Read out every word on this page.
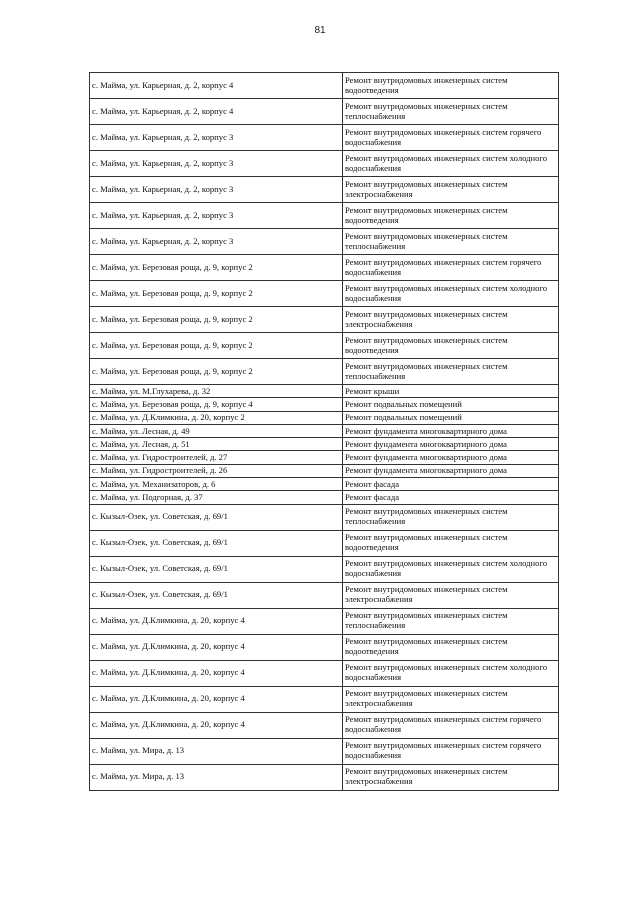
81
с. Майма, ул. Карьерная, д. 2, корпус 4	Ремонт внутридомовых инженерных систем водоотведения
с. Майма, ул. Карьерная, д. 2, корпус 4	Ремонт внутридомовых инженерных систем теплоснабжения
с. Майма, ул. Карьерная, д. 2, корпус 3	Ремонт внутридомовых инженерных систем горячего водоснабжения
с. Майма, ул. Карьерная, д. 2, корпус 3	Ремонт внутридомовых инженерных систем холодного водоснабжения
с. Майма, ул. Карьерная, д. 2, корпус 3	Ремонт внутридомовых инженерных систем электроснабжения
с. Майма, ул. Карьерная, д. 2, корпус 3	Ремонт внутридомовых инженерных систем водоотведения
с. Майма, ул. Карьерная, д. 2, корпус 3	Ремонт внутридомовых инженерных систем теплоснабжения
с. Майма, ул. Березовая роща, д. 9, корпус 2	Ремонт внутридомовых инженерных систем горячего водоснабжения
с. Майма, ул. Березовая роща, д. 9, корпус 2	Ремонт внутридомовых инженерных систем холодного водоснабжения
с. Майма, ул. Березовая роща, д. 9, корпус 2	Ремонт внутридомовых инженерных систем электроснабжения
с. Майма, ул. Березовая роща, д. 9, корпус 2	Ремонт внутридомовых инженерных систем водоотведения
с. Майма, ул. Березовая роща, д. 9, корпус 2	Ремонт внутридомовых инженерных систем теплоснабжения
с. Майма, ул. М.Глухарева, д. 32	Ремонт крыши
с. Майма, ул. Березовая роща, д. 9, корпус 4	Ремонт подвальных помещений
с. Майма, ул. Д.Климкина, д. 20, корпус 2	Ремонт подвальных помещений
с. Майма, ул. Лесная, д. 49	Ремонт фундамента многоквартирного дома
с. Майма, ул. Лесная, д. 51	Ремонт фундамента многоквартирного дома
с. Майма, ул. Гидростроителей, д. 27	Ремонт фундамента многоквартирного дома
с. Майма, ул. Гидростроителей, д. 26	Ремонт фундамента многоквартирного дома
с. Майма, ул. Механизаторов, д. 6	Ремонт фасада
с. Майма, ул. Подгорная, д. 37	Ремонт фасада
с. Кызыл-Озек, ул. Советская, д. 69/1	Ремонт внутридомовых инженерных систем теплоснабжения
с. Кызыл-Озек, ул. Советская, д. 69/1	Ремонт внутридомовых инженерных систем водоотведения
с. Кызыл-Озек, ул. Советская, д. 69/1	Ремонт внутридомовых инженерных систем холодного водоснабжения
с. Кызыл-Озек, ул. Советская, д. 69/1	Ремонт внутридомовых инженерных систем электроснабжения
с. Майма, ул. Д.Климкина, д. 20, корпус 4	Ремонт внутридомовых инженерных систем теплоснабжения
с. Майма, ул. Д.Климкина, д. 20, корпус 4	Ремонт внутридомовых инженерных систем водоотведения
с. Майма, ул. Д.Климкина, д. 20, корпус 4	Ремонт внутридомовых инженерных систем холодного водоснабжения
с. Майма, ул. Д.Климкина, д. 20, корпус 4	Ремонт внутридомовых инженерных систем электроснабжения
с. Майма, ул. Д.Климкина, д. 20, корпус 4	Ремонт внутридомовых инженерных систем горячего водоснабжения
с. Майма, ул. Мира, д. 13	Ремонт внутридомовых инженерных систем горячего водоснабжения
с. Майма, ул. Мира, д. 13	Ремонт внутридомовых инженерных систем электроснабжения
